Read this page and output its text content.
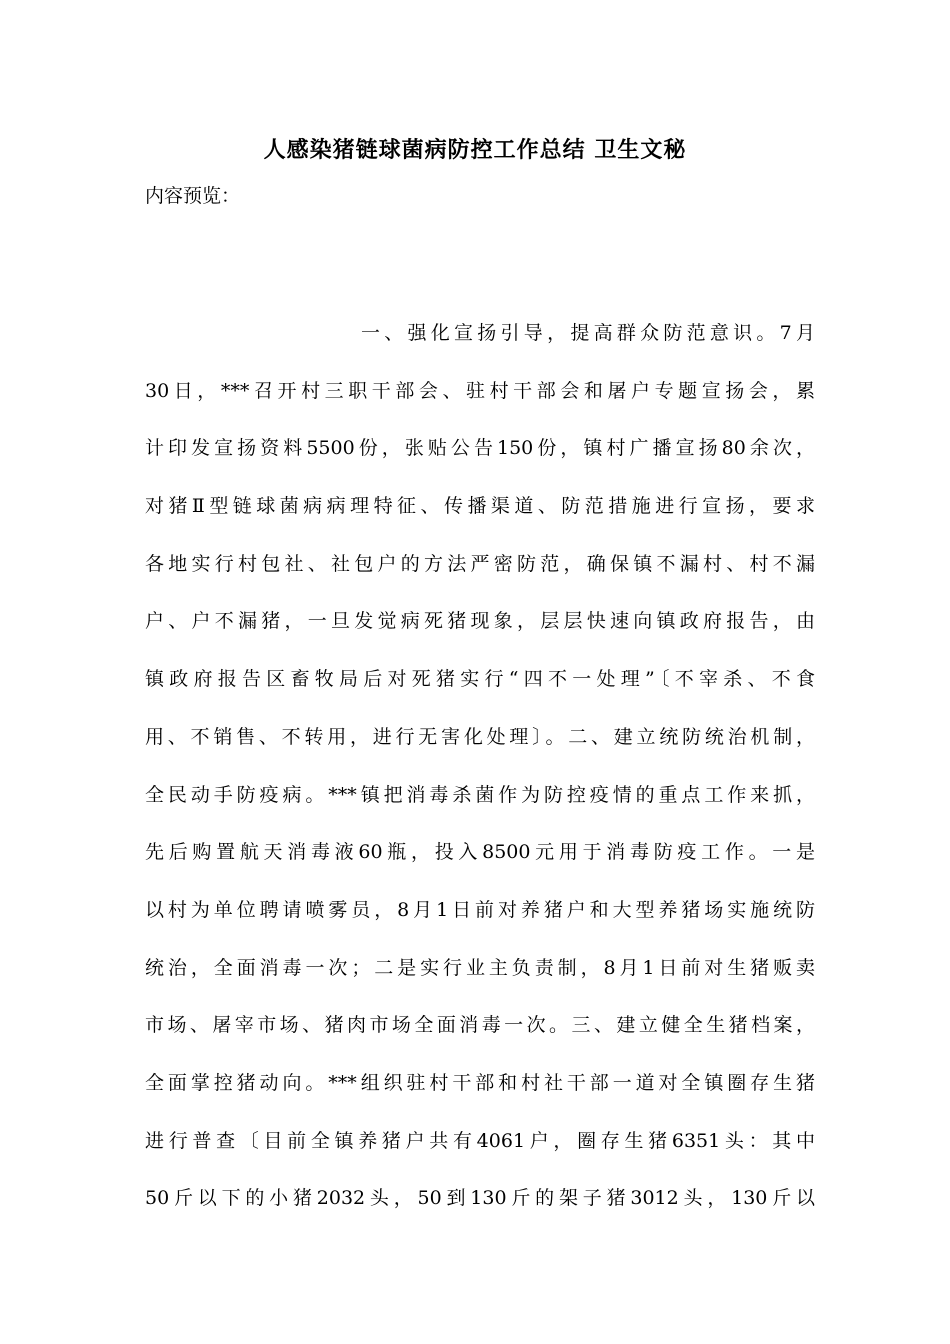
人感染猪链球菌病防控工作总结 卫生文秘

内容预览：

一、强化宣扬引导，提高群众防范意识。7月
30日，***召开村三职干部会、驻村干部会和屠户专题宣扬会，累
计印发宣扬资料5500份，张贴公告150份，镇村广播宣扬80余次，
对猪Ⅱ型链球菌病病理特征、传播渠道、防范措施进行宣扬，要求
各地实行村包社、社包户的方法严密防范，确保镇不漏村、村不漏
户、户不漏猪，一旦发觉病死猪现象，层层快速向镇政府报告，由
镇政府报告区畜牧局后对死猪实行“四不一处理”〔不宰杀、不食
用、不销售、不转用，进行无害化处理〕。二、建立统防统治机制，
全民动手防疫病。***镇把消毒杀菌作为防控疫情的重点工作来抓，
先后购置航天消毒液60瓶，投入8500元用于消毒防疫工作。一是
以村为单位聘请喷雾员，8月1日前对养猪户和大型养猪场实施统防
统治，全面消毒一次；二是实行业主负责制，8月1日前对生猪贩卖
市场、屠宰市场、猪肉市场全面消毒一次。三、建立健全生猪档案，
全面掌控猪动向。***组织驻村干部和村社干部一道对全镇圈存生猪
进行普查〔目前全镇养猪户共有4061户，圈存生猪6351头：其中
50斤以下的小猪2032头，50到130斤的架子猪3012头，130斤以
